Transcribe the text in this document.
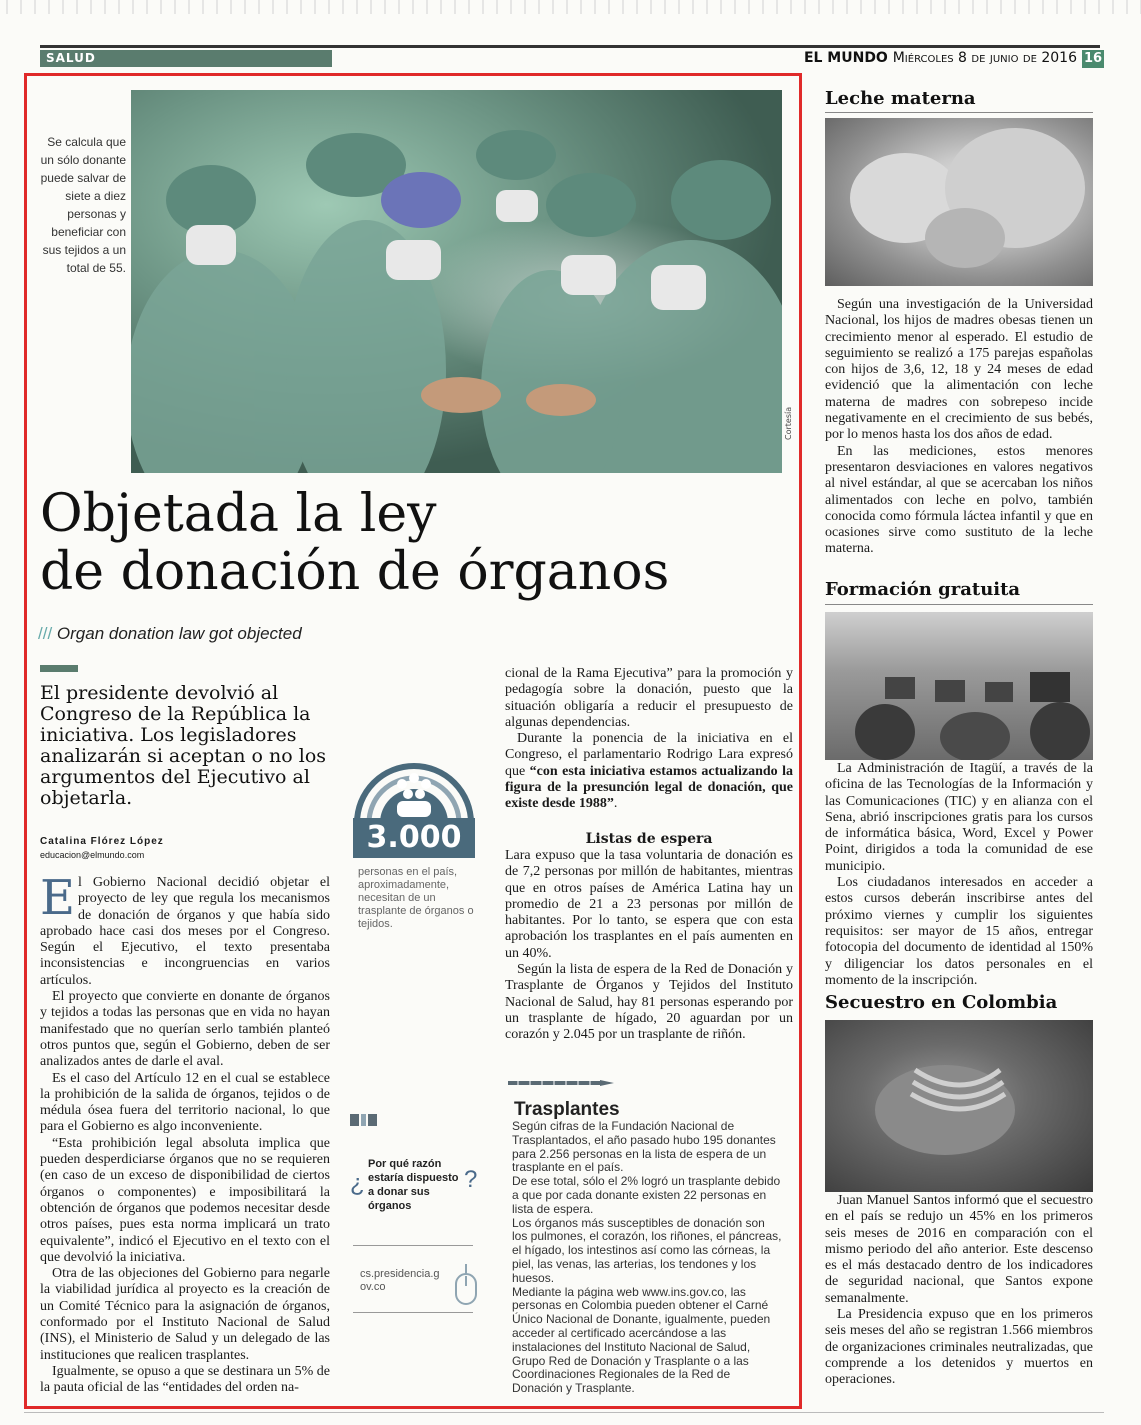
SALUD	EL MUNDO Miércoles 8 de junio de 2016 16
Cortesía
Se calcula que un sólo donante puede salvar de siete a diez personas y beneficiar con sus tejidos a un total de 55.
Objetada la ley
de donación de órganos
/// Organ donation law got objected
El presidente devolvió al Congreso de la República la iniciativa. Los legisladores analizarán si aceptan o no los argumentos del Ejecutivo al objetarla.
Catalina Flórez López
educacion@elmundo.com

El Gobierno Nacional decidió objetar el proyecto de ley que regula los mecanismos de donación de órganos y que había sido aprobado hace casi dos meses por el Congreso. Según el Ejecutivo, el texto presentaba inconsistencias e incongruencias en varios artículos.

El proyecto que convierte en donante de órganos y tejidos a todas las personas que en vida no hayan manifestado que no querían serlo también planteó otros puntos que, según el Gobierno, deben de ser analizados antes de darle el aval.

Es el caso del Artículo 12 en el cual se establece la prohibición de la salida de órganos, tejidos o de médula ósea fuera del territorio nacional, lo que para el Gobierno es algo inconveniente.

“Esta prohibición legal absoluta implica que pueden desperdiciarse órganos que no se requieren (en caso de un exceso de disponibilidad de ciertos órganos o componentes) e imposibilitará la obtención de órganos que podemos necesitar desde otros países, pues esta norma implicará un trato equivalente”, indicó el Ejecutivo en el texto con el que devolvió la iniciativa.

Otra de las objeciones del Gobierno para negarle la viabilidad jurídica al proyecto es la creación de un Comité Técnico para la asignación de órganos, conformado por el Instituto Nacional de Salud (INS), el Ministerio de Salud y un delegado de las instituciones que realicen trasplantes.

Igualmente, se opuso a que se destinara un 5% de la pauta oficial de las “entidades del orden na-

3.000
personas en el país, aproximadamente, necesitan de un trasplante de órganos o tejidos.

cional de la Rama Ejecutiva” para la promoción y pedagogía sobre la donación, puesto que la situación obligaría a reducir el presupuesto de algunas dependencias.

Durante la ponencia de la iniciativa en el Congreso, el parlamentario Rodrigo Lara expresó que “con esta iniciativa estamos actualizando la figura de la presunción legal de donación, que existe desde 1988”.

Listas de espera

Lara expuso que la tasa voluntaria de donación es de 7,2 personas por millón de habitantes, mientras que en otros países de América Latina hay un promedio de 21 a 23 personas por millón de habitantes. Por lo tanto, se espera que con esta aprobación los trasplantes en el país aumenten en un 40%.

Según la lista de espera de la Red de Donación y Trasplante de Órganos y Tejidos del Instituto Nacional de Salud, hay 81 personas esperando por un trasplante de hígado, 20 aguardan por un corazón y 2.045 por un trasplante de riñón.

Trasplantes

Según cifras de la Fundación Nacional de Trasplantados, el año pasado hubo 195 donantes para 2.256 personas en la lista de espera de un trasplante en el país.

De ese total, sólo el 2% logró un trasplante debido a que por cada donante existen 22 personas en lista de espera.

Los órganos más susceptibles de donación son los pulmones, el corazón, los riñones, el páncreas, el hígado, los intestinos así como las córneas, la piel, las venas, las arterias, los tendones y los huesos.

Mediante la página web www.ins.gov.co, las personas en Colombia pueden obtener el Carné Único Nacional de Donante, igualmente, pueden acceder al certificado acercándose a las instalaciones del Instituto Nacional de Salud, Grupo Red de Donación y Trasplante o a las Coordinaciones Regionales de la Red de Donación y Trasplante.

¿
Por qué razón estaría dispuesto a donar sus órganos
?
cs.presidencia.gov.co
Leche materna

Según una investigación de la Universidad Nacional, los hijos de madres obesas tienen un crecimiento menor al esperado. El estudio de seguimiento se realizó a 175 parejas españolas con hijos de 3,6, 12, 18 y 24 meses de edad evidenció que la alimentación con leche materna de madres con sobrepeso incide negativamente en el crecimiento de sus bebés, por lo menos hasta los dos años de edad.

En las mediciones, estos menores presentaron desviaciones en valores negativos al nivel estándar, al que se acercaban los niños alimentados con leche en polvo, también conocida como fórmula láctea infantil y que en ocasiones sirve como sustituto de la leche materna.

Formación gratuita

La Administración de Itagüí, a través de la oficina de las Tecnologías de la Información y las Comunicaciones (TIC) y en alianza con el Sena, abrió inscripciones gratis para los cursos de informática básica, Word, Excel y Power Point, dirigidos a toda la comunidad de ese municipio.

Los ciudadanos interesados en acceder a estos cursos deberán inscribirse antes del próximo viernes y cumplir los siguientes requisitos: ser mayor de 15 años, entregar fotocopia del documento de identidad al 150% y diligenciar los datos personales en el momento de la inscripción.

Secuestro en Colombia

Juan Manuel Santos informó que el secuestro en el país se redujo un 45% en los primeros seis meses de 2016 en comparación con el mismo periodo del año anterior. Este descenso es el más destacado dentro de los indicadores de seguridad nacional, que Santos expone semanalmente.

La Presidencia expuso que en los primeros seis meses del año se registran 1.566 miembros de organizaciones criminales neutralizadas, que comprende a los detenidos y muertos en operaciones.
